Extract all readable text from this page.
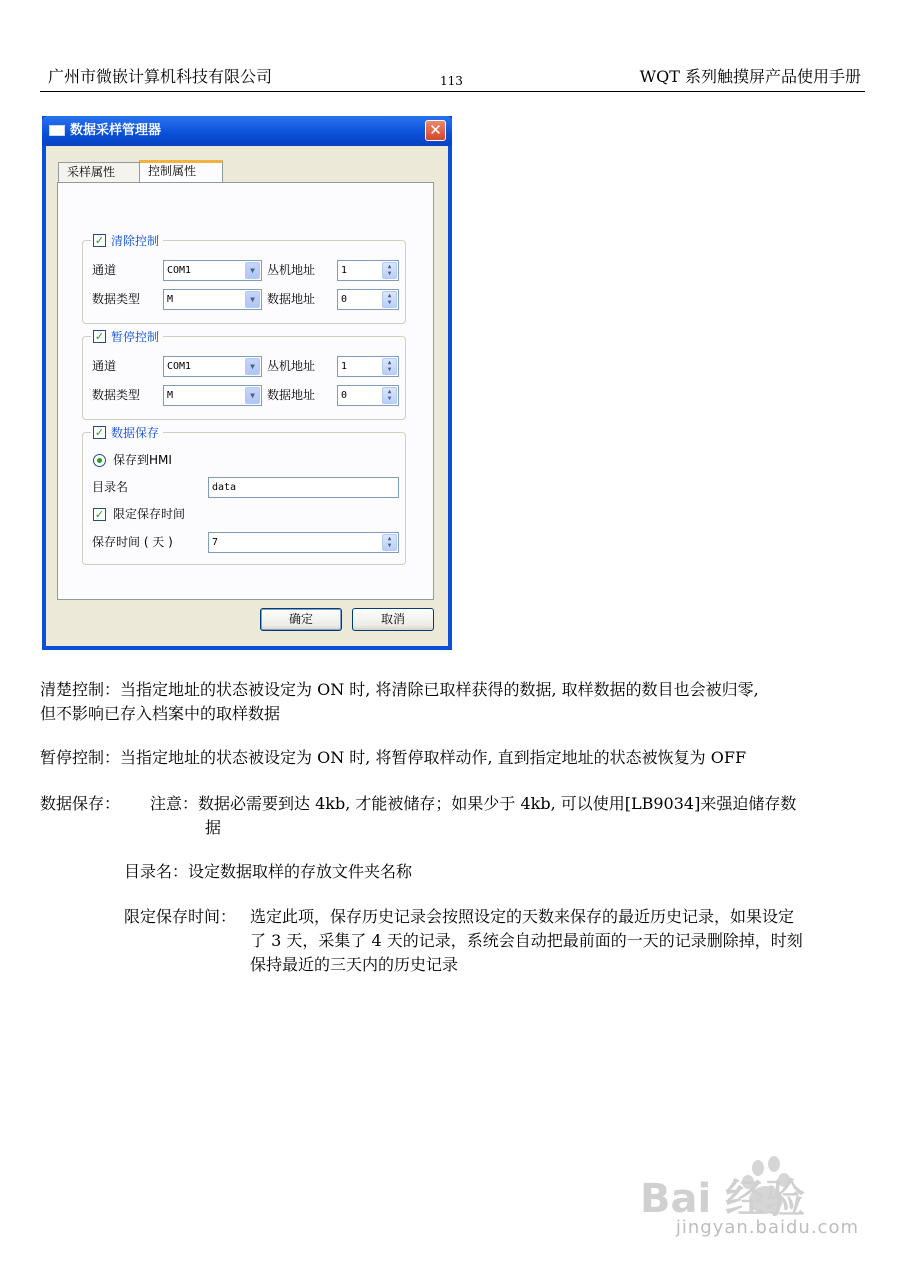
广州市微嵌计算机科技有限公司	113	WQT 系列触摸屏产品使用手册
数据采样管理器	✕
采样属性	控制属性
✓ 清除控制
通道	COM1	▼	丛机地址	1	▲
▼
数据类型	M	▼	数据地址	0	▲
▼
✓ 暂停控制
通道	COM1	▼	丛机地址	1	▲
▼
数据类型	M	▼	数据地址	0	▲
▼
✓ 数据保存
保存到HMI
目录名	data
✓ 限定保存时间
保存时间 ( 天 )	7	▲
▼
确定	取消
清楚控制：当指定地址的状态被设定为 ON 时, 将清除已取样获得的数据, 取样数据的数目也会被归零,
但不影响已存入档案中的取样数据
暂停控制：当指定地址的状态被设定为 ON 时, 将暂停取样动作, 直到指定地址的状态被恢复为 OFF
数据保存： 注意：数据必需要到达 4kb, 才能被储存；如果少于 4kb, 可以使用[LB9034]来强迫储存数
据
目录名：设定数据取样的存放文件夹名称
限定保存时间： 选定此项，保存历史记录会按照设定的天数来保存的最近历史记录，如果设定
了 3 天，采集了 4 天的记录，系统会自动把最前面的一天的记录删除掉，时刻
保持最近的三天内的历史记录
Bai 经验
jingyan.baidu.com
